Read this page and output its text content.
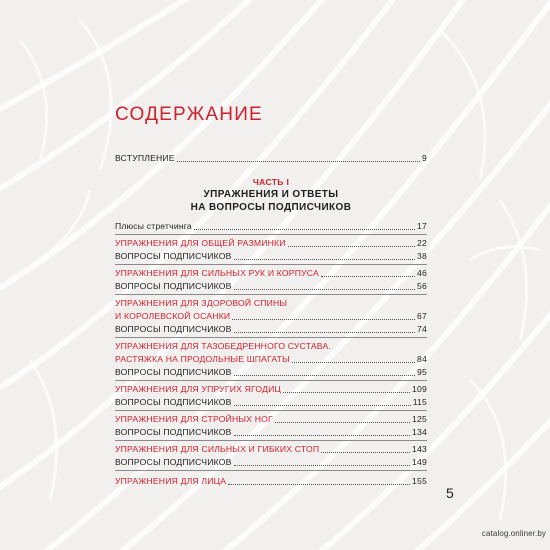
СОДЕРЖАНИЕ
ВСТУПЛЕНИЕ	9
ЧАСТЬ I
УПРАЖНЕНИЯ И ОТВЕТЫ
НА ВОПРОСЫ ПОДПИСЧИКОВ
Плюсы стретчинга	17
УПРАЖНЕНИЯ ДЛЯ ОБЩЕЙ РАЗМИНКИ	22
ВОПРОСЫ ПОДПИСЧИКОВ	38
УПРАЖНЕНИЯ ДЛЯ СИЛЬНЫХ РУК И КОРПУСА	46
ВОПРОСЫ ПОДПИСЧИКОВ	56
УПРАЖНЕНИЯ ДЛЯ ЗДОРОВОЙ СПИНЫ
И КОРОЛЕВСКОЙ ОСАНКИ	67
ВОПРОСЫ ПОДПИСЧИКОВ	74
УПРАЖНЕНИЯ ДЛЯ ТАЗОБЕДРЕННОГО СУСТАВА.
РАСТЯЖКА НА ПРОДОЛЬНЫЕ ШПАГАТЫ	84
ВОПРОСЫ ПОДПИСЧИКОВ	95
УПРАЖНЕНИЯ ДЛЯ УПРУГИХ ЯГОДИЦ	109
ВОПРОСЫ ПОДПИСЧИКОВ	115
УПРАЖНЕНИЯ ДЛЯ СТРОЙНЫХ НОГ	125
ВОПРОСЫ ПОДПИСЧИКОВ	134
УПРАЖНЕНИЯ ДЛЯ СИЛЬНЫХ И ГИБКИХ СТОП	143
ВОПРОСЫ ПОДПИСЧИКОВ	149
УПРАЖНЕНИЯ ДЛЯ ЛИЦА	155
5
catalog.onliner.by
